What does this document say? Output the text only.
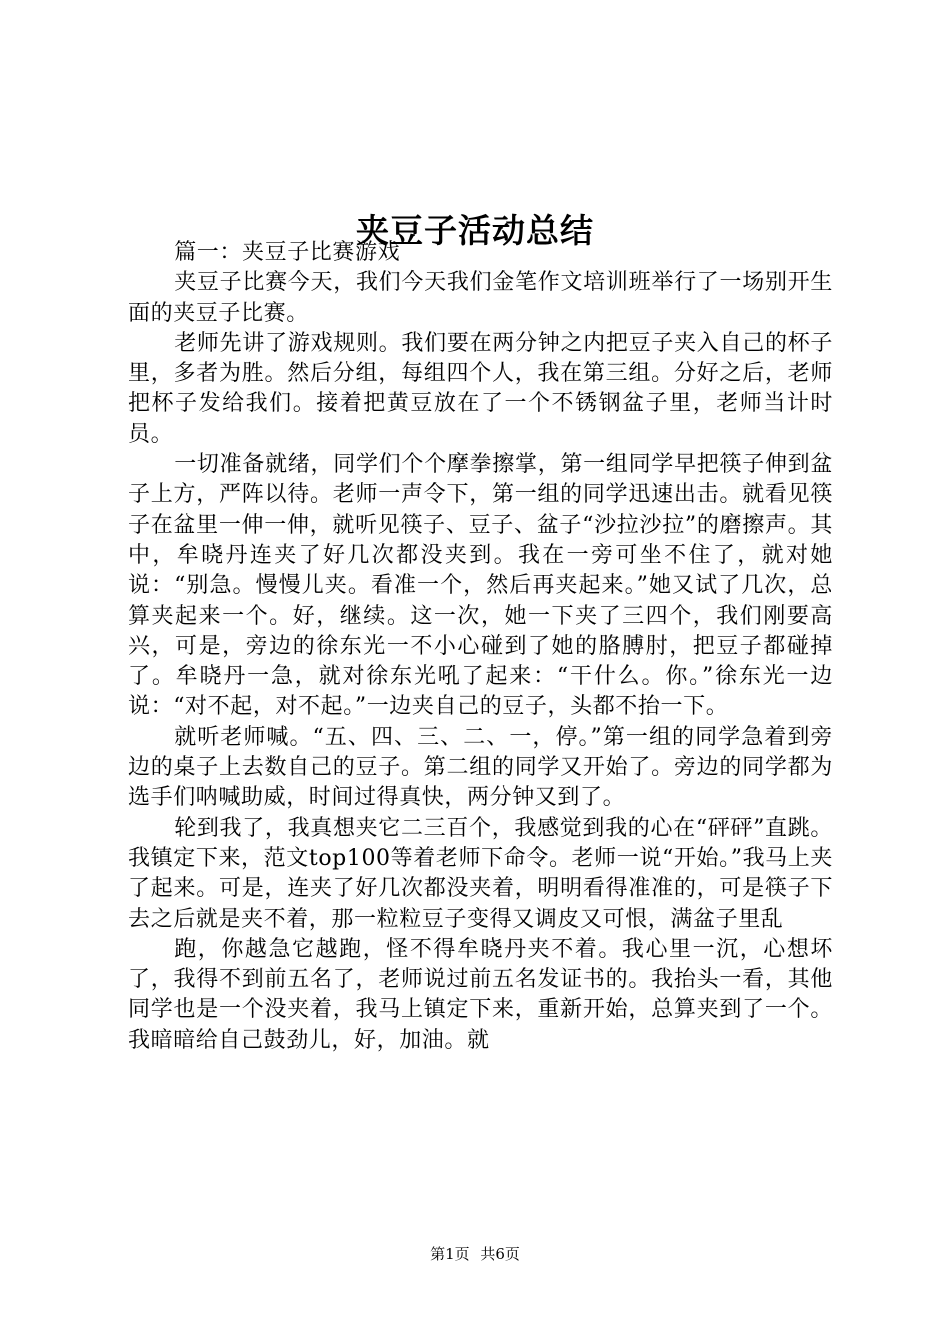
夹豆子活动总结

篇一：夹豆子比赛游戏

夹豆子比赛今天，我们今天我们金笔作文培训班举行了一场别开生面的夹豆子比赛。

老师先讲了游戏规则。我们要在两分钟之内把豆子夹入自己的杯子里，多者为胜。然后分组，每组四个人，我在第三组。分好之后，老师把杯子发给我们。接着把黄豆放在了一个不锈钢盆子里，老师当计时员。

一切准备就绪，同学们个个摩拳擦掌，第一组同学早把筷子伸到盆子上方，严阵以待。老师一声令下，第一组的同学迅速出击。就看见筷子在盆里一伸一伸，就听见筷子、豆子、盆子“沙拉沙拉”的磨擦声。其中，牟晓丹连夹了好几次都没夹到。我在一旁可坐不住了，就对她说：“别急。慢慢儿夹。看准一个，然后再夹起来。”她又试了几次，总算夹起来一个。好，继续。这一次，她一下夹了三四个，我们刚要高兴，可是，旁边的徐东光一不小心碰到了她的胳膊肘，把豆子都碰掉了。牟晓丹一急，就对徐东光吼了起来：“干什么。你。”徐东光一边说：“对不起，对不起。”一边夹自己的豆子，头都不抬一下。

就听老师喊。“五、四、三、二、一，停。”第一组的同学急着到旁边的桌子上去数自己的豆子。第二组的同学又开始了。旁边的同学都为选手们呐喊助威，时间过得真快，两分钟又到了。

轮到我了，我真想夹它二三百个，我感觉到我的心在“砰砰”直跳。我镇定下来，范文top100等着老师下命令。老师一说“开始。”我马上夹了起来。可是，连夹了好几次都没夹着，明明看得准准的，可是筷子下去之后就是夹不着，那一粒粒豆子变得又调皮又可恨，满盆子里乱

跑，你越急它越跑，怪不得牟晓丹夹不着。我心里一沉，心想坏了，我得不到前五名了，老师说过前五名发证书的。我抬头一看，其他同学也是一个没夹着，我马上镇定下来，重新开始，总算夹到了一个。我暗暗给自己鼓劲儿，好，加油。就

第1页 共6页
